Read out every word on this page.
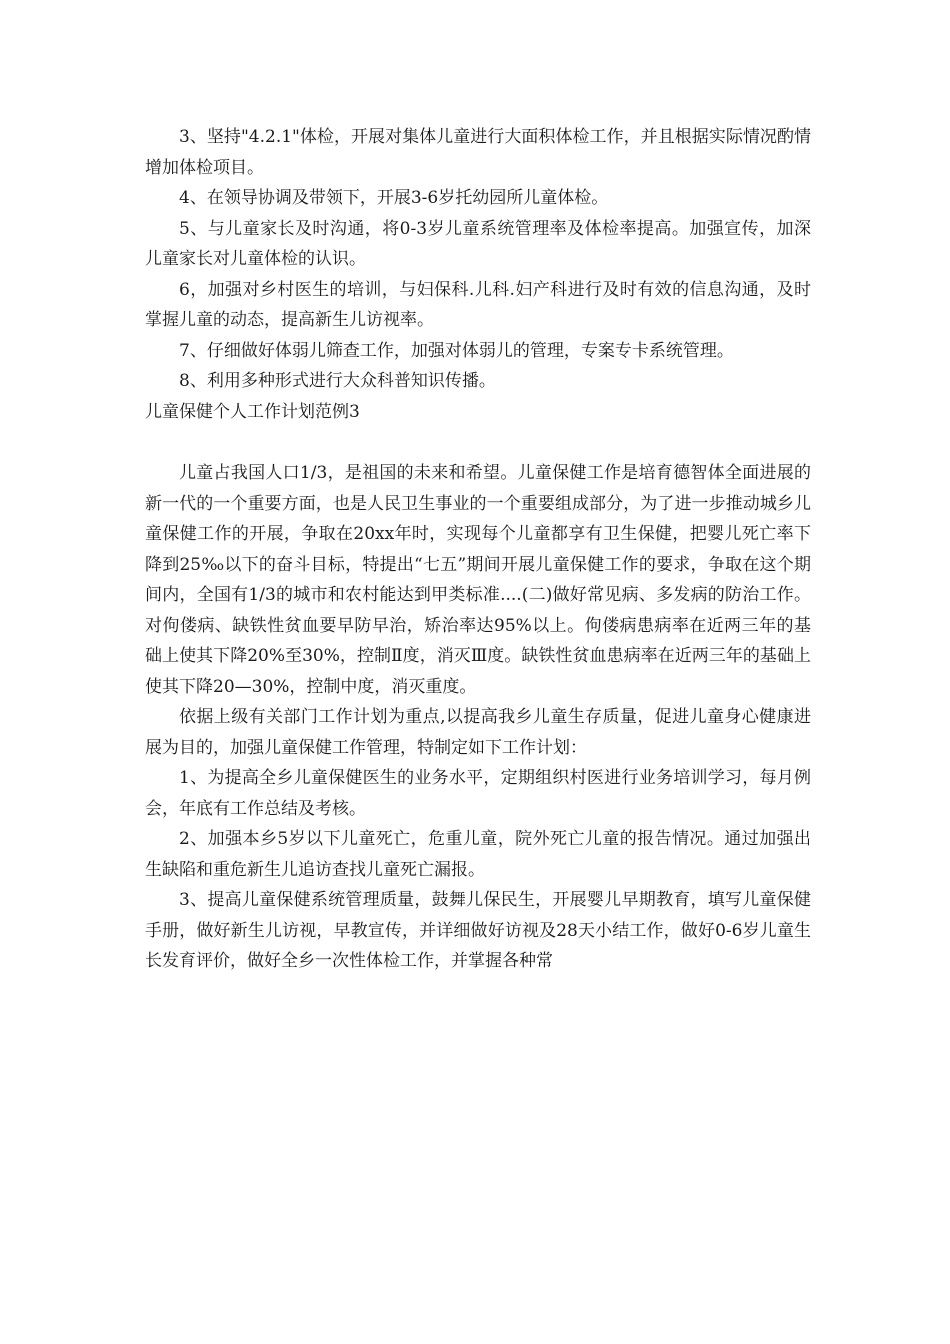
3、坚持"4.2.1"体检，开展对集体儿童进行大面积体检工作，并且根据实际情况酌情增加体检项目。

4、在领导协调及带领下，开展3-6岁托幼园所儿童体检。

5、与儿童家长及时沟通，将0-3岁儿童系统管理率及体检率提高。加强宣传，加深儿童家长对儿童体检的认识。

6，加强对乡村医生的培训，与妇保科.儿科.妇产科进行及时有效的信息沟通，及时掌握儿童的动态，提高新生儿访视率。

7、仔细做好体弱儿筛查工作，加强对体弱儿的管理，专案专卡系统管理。

8、利用多种形式进行大众科普知识传播。

儿童保健个人工作计划范例3

儿童占我国人口1/3，是祖国的未来和希望。儿童保健工作是培育德智体全面进展的新一代的一个重要方面，也是人民卫生事业的一个重要组成部分，为了进一步推动城乡儿童保健工作的开展，争取在20xx年时，实现每个儿童都享有卫生保健，把婴儿死亡率下降到25‰以下的奋斗目标，特提出“七五”期间开展儿童保健工作的要求，争取在这个期间内，全国有1/3的城市和农村能达到甲类标准....(二)做好常见病、多发病的防治工作。对佝偻病、缺铁性贫血要早防早治，矫治率达95%以上。佝偻病患病率在近两三年的基础上使其下降20%至30%，控制Ⅱ度，消灭Ⅲ度。缺铁性贫血患病率在近两三年的基础上使其下降20—30%，控制中度，消灭重度。

依据上级有关部门工作计划为重点,以提高我乡儿童生存质量，促进儿童身心健康进展为目的，加强儿童保健工作管理，特制定如下工作计划：

1、为提高全乡儿童保健医生的业务水平，定期组织村医进行业务培训学习，每月例会，年底有工作总结及考核。

2、加强本乡5岁以下儿童死亡，危重儿童，院外死亡儿童的报告情况。通过加强出生缺陷和重危新生儿追访查找儿童死亡漏报。

3、提高儿童保健系统管理质量，鼓舞儿保民生，开展婴儿早期教育，填写儿童保健手册，做好新生儿访视，早教宣传，并详细做好访视及28天小结工作，做好0-6岁儿童生长发育评价，做好全乡一次性体检工作，并掌握各种常
